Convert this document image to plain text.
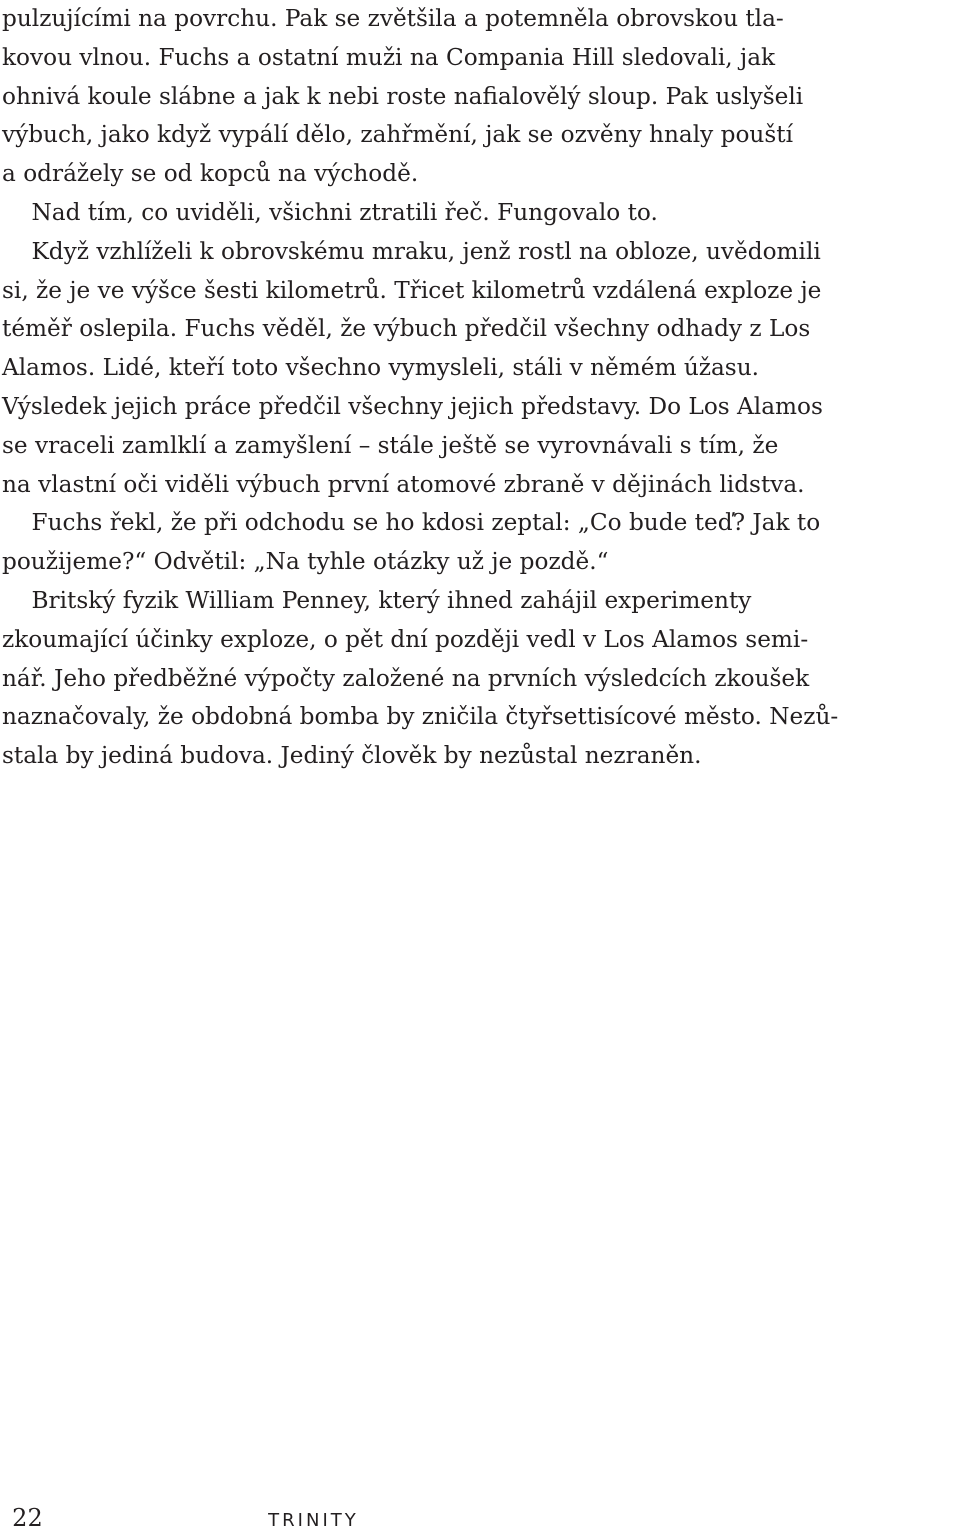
pulzujícími na povrchu. Pak se zvětšila a potemněla obrovskou tla-
kovou vlnou. Fuchs a ostatní muži na Compania Hill sledovali, jak
ohnivá koule slábne a jak k nebi roste nafialovělý sloup. Pak uslyšeli
výbuch, jako když vypálí dělo, zahřmění, jak se ozvěny hnaly pouští
a odrážely se od kopců na východě.
Nad tím, co uviděli, všichni ztratili řeč. Fungovalo to.
Když vzhlíželi k obrovskému mraku, jenž rostl na obloze, uvědomili
si, že je ve výšce šesti kilometrů. Třicet kilometrů vzdálená exploze je
téměř oslepila. Fuchs věděl, že výbuch předčil všechny odhady z Los
Alamos. Lidé, kteří toto všechno vymysleli, stáli v němém úžasu.
Výsledek jejich práce předčil všechny jejich představy. Do Los Alamos
se vraceli zamlklí a zamyšlení – stále ještě se vyrovnávali s tím, že
na vlastní oči viděli výbuch první atomové zbraně v dějinách lidstva.
Fuchs řekl, že při odchodu se ho kdosi zeptal: „Co bude teď? Jak to
použijeme?“ Odvětil: „Na tyhle otázky už je pozdě.“
Britský fyzik William Penney, který ihned zahájil experimenty
zkoumající účinky exploze, o pět dní později vedl v Los Alamos semi-
nář. Jeho předběžné výpočty založené na prvních výsledcích zkoušek
naznačovaly, že obdobná bomba by zničila čtyřsettisícové město. Nezů-
stala by jediná budova. Jediný člověk by nezůstal nezraněn.

22	TRINITY
